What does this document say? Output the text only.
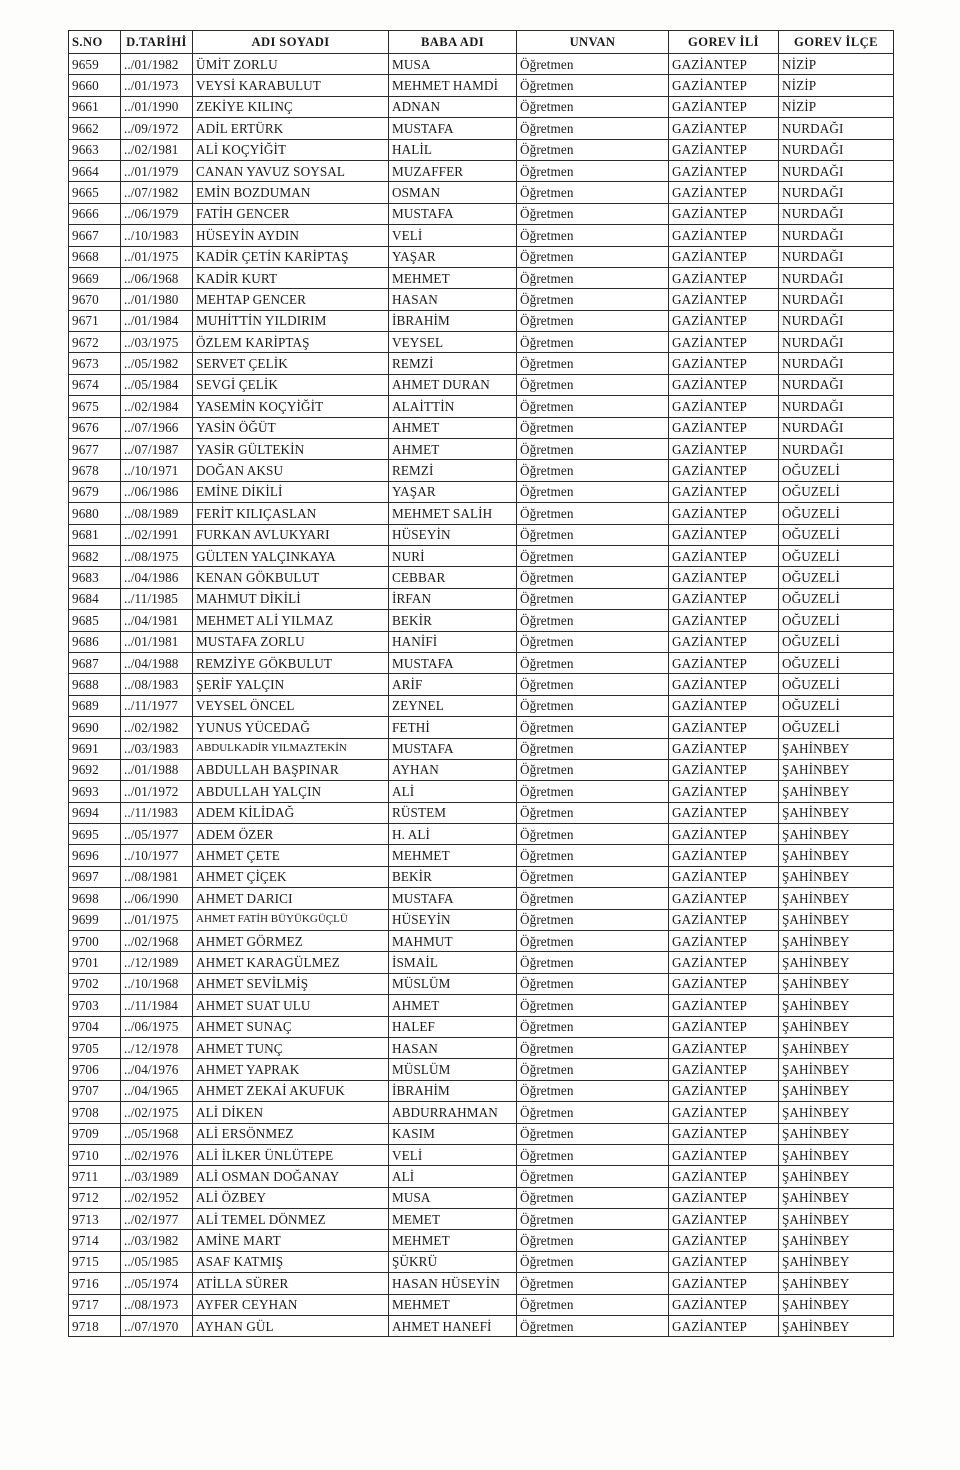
S.NO	D.TARİHİ	ADI SOYADI	BABA ADI	UNVAN	GOREV İLİ	GOREV İLÇE
9659	../01/1982	ÜMİT ZORLU	MUSA	Öğretmen	GAZİANTEP	NİZİP
9660	../01/1973	VEYSİ KARABULUT	MEHMET HAMDİ	Öğretmen	GAZİANTEP	NİZİP
9661	../01/1990	ZEKİYE KILINÇ	ADNAN	Öğretmen	GAZİANTEP	NİZİP
9662	../09/1972	ADİL ERTÜRK	MUSTAFA	Öğretmen	GAZİANTEP	NURDAĞI
9663	../02/1981	ALİ KOÇYİĞİT	HALİL	Öğretmen	GAZİANTEP	NURDAĞI
9664	../01/1979	CANAN YAVUZ SOYSAL	MUZAFFER	Öğretmen	GAZİANTEP	NURDAĞI
9665	../07/1982	EMİN BOZDUMAN	OSMAN	Öğretmen	GAZİANTEP	NURDAĞI
9666	../06/1979	FATİH GENCER	MUSTAFA	Öğretmen	GAZİANTEP	NURDAĞI
9667	../10/1983	HÜSEYİN AYDIN	VELİ	Öğretmen	GAZİANTEP	NURDAĞI
9668	../01/1975	KADİR ÇETİN KARİPTAŞ	YAŞAR	Öğretmen	GAZİANTEP	NURDAĞI
9669	../06/1968	KADİR KURT	MEHMET	Öğretmen	GAZİANTEP	NURDAĞI
9670	../01/1980	MEHTAP GENCER	HASAN	Öğretmen	GAZİANTEP	NURDAĞI
9671	../01/1984	MUHİTTİN YILDIRIM	İBRAHİM	Öğretmen	GAZİANTEP	NURDAĞI
9672	../03/1975	ÖZLEM KARİPTAŞ	VEYSEL	Öğretmen	GAZİANTEP	NURDAĞI
9673	../05/1982	SERVET ÇELİK	REMZİ	Öğretmen	GAZİANTEP	NURDAĞI
9674	../05/1984	SEVGİ ÇELİK	AHMET DURAN	Öğretmen	GAZİANTEP	NURDAĞI
9675	../02/1984	YASEMİN KOÇYİĞİT	ALAİTTİN	Öğretmen	GAZİANTEP	NURDAĞI
9676	../07/1966	YASİN ÖĞÜT	AHMET	Öğretmen	GAZİANTEP	NURDAĞI
9677	../07/1987	YASİR GÜLTEKİN	AHMET	Öğretmen	GAZİANTEP	NURDAĞI
9678	../10/1971	DOĞAN AKSU	REMZİ	Öğretmen	GAZİANTEP	OĞUZELİ
9679	../06/1986	EMİNE DİKİLİ	YAŞAR	Öğretmen	GAZİANTEP	OĞUZELİ
9680	../08/1989	FERİT KILIÇASLAN	MEHMET SALİH	Öğretmen	GAZİANTEP	OĞUZELİ
9681	../02/1991	FURKAN AVLUKYARI	HÜSEYİN	Öğretmen	GAZİANTEP	OĞUZELİ
9682	../08/1975	GÜLTEN YALÇINKAYA	NURİ	Öğretmen	GAZİANTEP	OĞUZELİ
9683	../04/1986	KENAN GÖKBULUT	CEBBAR	Öğretmen	GAZİANTEP	OĞUZELİ
9684	../11/1985	MAHMUT DİKİLİ	İRFAN	Öğretmen	GAZİANTEP	OĞUZELİ
9685	../04/1981	MEHMET ALİ YILMAZ	BEKİR	Öğretmen	GAZİANTEP	OĞUZELİ
9686	../01/1981	MUSTAFA ZORLU	HANİFİ	Öğretmen	GAZİANTEP	OĞUZELİ
9687	../04/1988	REMZİYE GÖKBULUT	MUSTAFA	Öğretmen	GAZİANTEP	OĞUZELİ
9688	../08/1983	ŞERİF YALÇIN	ARİF	Öğretmen	GAZİANTEP	OĞUZELİ
9689	../11/1977	VEYSEL ÖNCEL	ZEYNEL	Öğretmen	GAZİANTEP	OĞUZELİ
9690	../02/1982	YUNUS YÜCEDAĞ	FETHİ	Öğretmen	GAZİANTEP	OĞUZELİ
9691	../03/1983	ABDULKADİR YILMAZTEKİN	MUSTAFA	Öğretmen	GAZİANTEP	ŞAHİNBEY
9692	../01/1988	ABDULLAH BAŞPINAR	AYHAN	Öğretmen	GAZİANTEP	ŞAHİNBEY
9693	../01/1972	ABDULLAH YALÇIN	ALİ	Öğretmen	GAZİANTEP	ŞAHİNBEY
9694	../11/1983	ADEM KİLİDAĞ	RÜSTEM	Öğretmen	GAZİANTEP	ŞAHİNBEY
9695	../05/1977	ADEM ÖZER	H. ALİ	Öğretmen	GAZİANTEP	ŞAHİNBEY
9696	../10/1977	AHMET ÇETE	MEHMET	Öğretmen	GAZİANTEP	ŞAHİNBEY
9697	../08/1981	AHMET ÇİÇEK	BEKİR	Öğretmen	GAZİANTEP	ŞAHİNBEY
9698	../06/1990	AHMET DARICI	MUSTAFA	Öğretmen	GAZİANTEP	ŞAHİNBEY
9699	../01/1975	AHMET FATİH BÜYÜKGÜÇLÜ	HÜSEYİN	Öğretmen	GAZİANTEP	ŞAHİNBEY
9700	../02/1968	AHMET GÖRMEZ	MAHMUT	Öğretmen	GAZİANTEP	ŞAHİNBEY
9701	../12/1989	AHMET KARAGÜLMEZ	İSMAİL	Öğretmen	GAZİANTEP	ŞAHİNBEY
9702	../10/1968	AHMET SEVİLMİŞ	MÜSLÜM	Öğretmen	GAZİANTEP	ŞAHİNBEY
9703	../11/1984	AHMET SUAT ULU	AHMET	Öğretmen	GAZİANTEP	ŞAHİNBEY
9704	../06/1975	AHMET SUNAÇ	HALEF	Öğretmen	GAZİANTEP	ŞAHİNBEY
9705	../12/1978	AHMET TUNÇ	HASAN	Öğretmen	GAZİANTEP	ŞAHİNBEY
9706	../04/1976	AHMET YAPRAK	MÜSLÜM	Öğretmen	GAZİANTEP	ŞAHİNBEY
9707	../04/1965	AHMET ZEKAİ AKUFUK	İBRAHİM	Öğretmen	GAZİANTEP	ŞAHİNBEY
9708	../02/1975	ALİ DİKEN	ABDURRAHMAN	Öğretmen	GAZİANTEP	ŞAHİNBEY
9709	../05/1968	ALİ ERSÖNMEZ	KASIM	Öğretmen	GAZİANTEP	ŞAHİNBEY
9710	../02/1976	ALİ İLKER ÜNLÜTEPE	VELİ	Öğretmen	GAZİANTEP	ŞAHİNBEY
9711	../03/1989	ALİ OSMAN DOĞANAY	ALİ	Öğretmen	GAZİANTEP	ŞAHİNBEY
9712	../02/1952	ALİ ÖZBEY	MUSA	Öğretmen	GAZİANTEP	ŞAHİNBEY
9713	../02/1977	ALİ TEMEL DÖNMEZ	MEMET	Öğretmen	GAZİANTEP	ŞAHİNBEY
9714	../03/1982	AMİNE MART	MEHMET	Öğretmen	GAZİANTEP	ŞAHİNBEY
9715	../05/1985	ASAF KATMIŞ	ŞÜKRÜ	Öğretmen	GAZİANTEP	ŞAHİNBEY
9716	../05/1974	ATİLLA SÜRER	HASAN HÜSEYİN	Öğretmen	GAZİANTEP	ŞAHİNBEY
9717	../08/1973	AYFER CEYHAN	MEHMET	Öğretmen	GAZİANTEP	ŞAHİNBEY
9718	../07/1970	AYHAN GÜL	AHMET HANEFİ	Öğretmen	GAZİANTEP	ŞAHİNBEY
